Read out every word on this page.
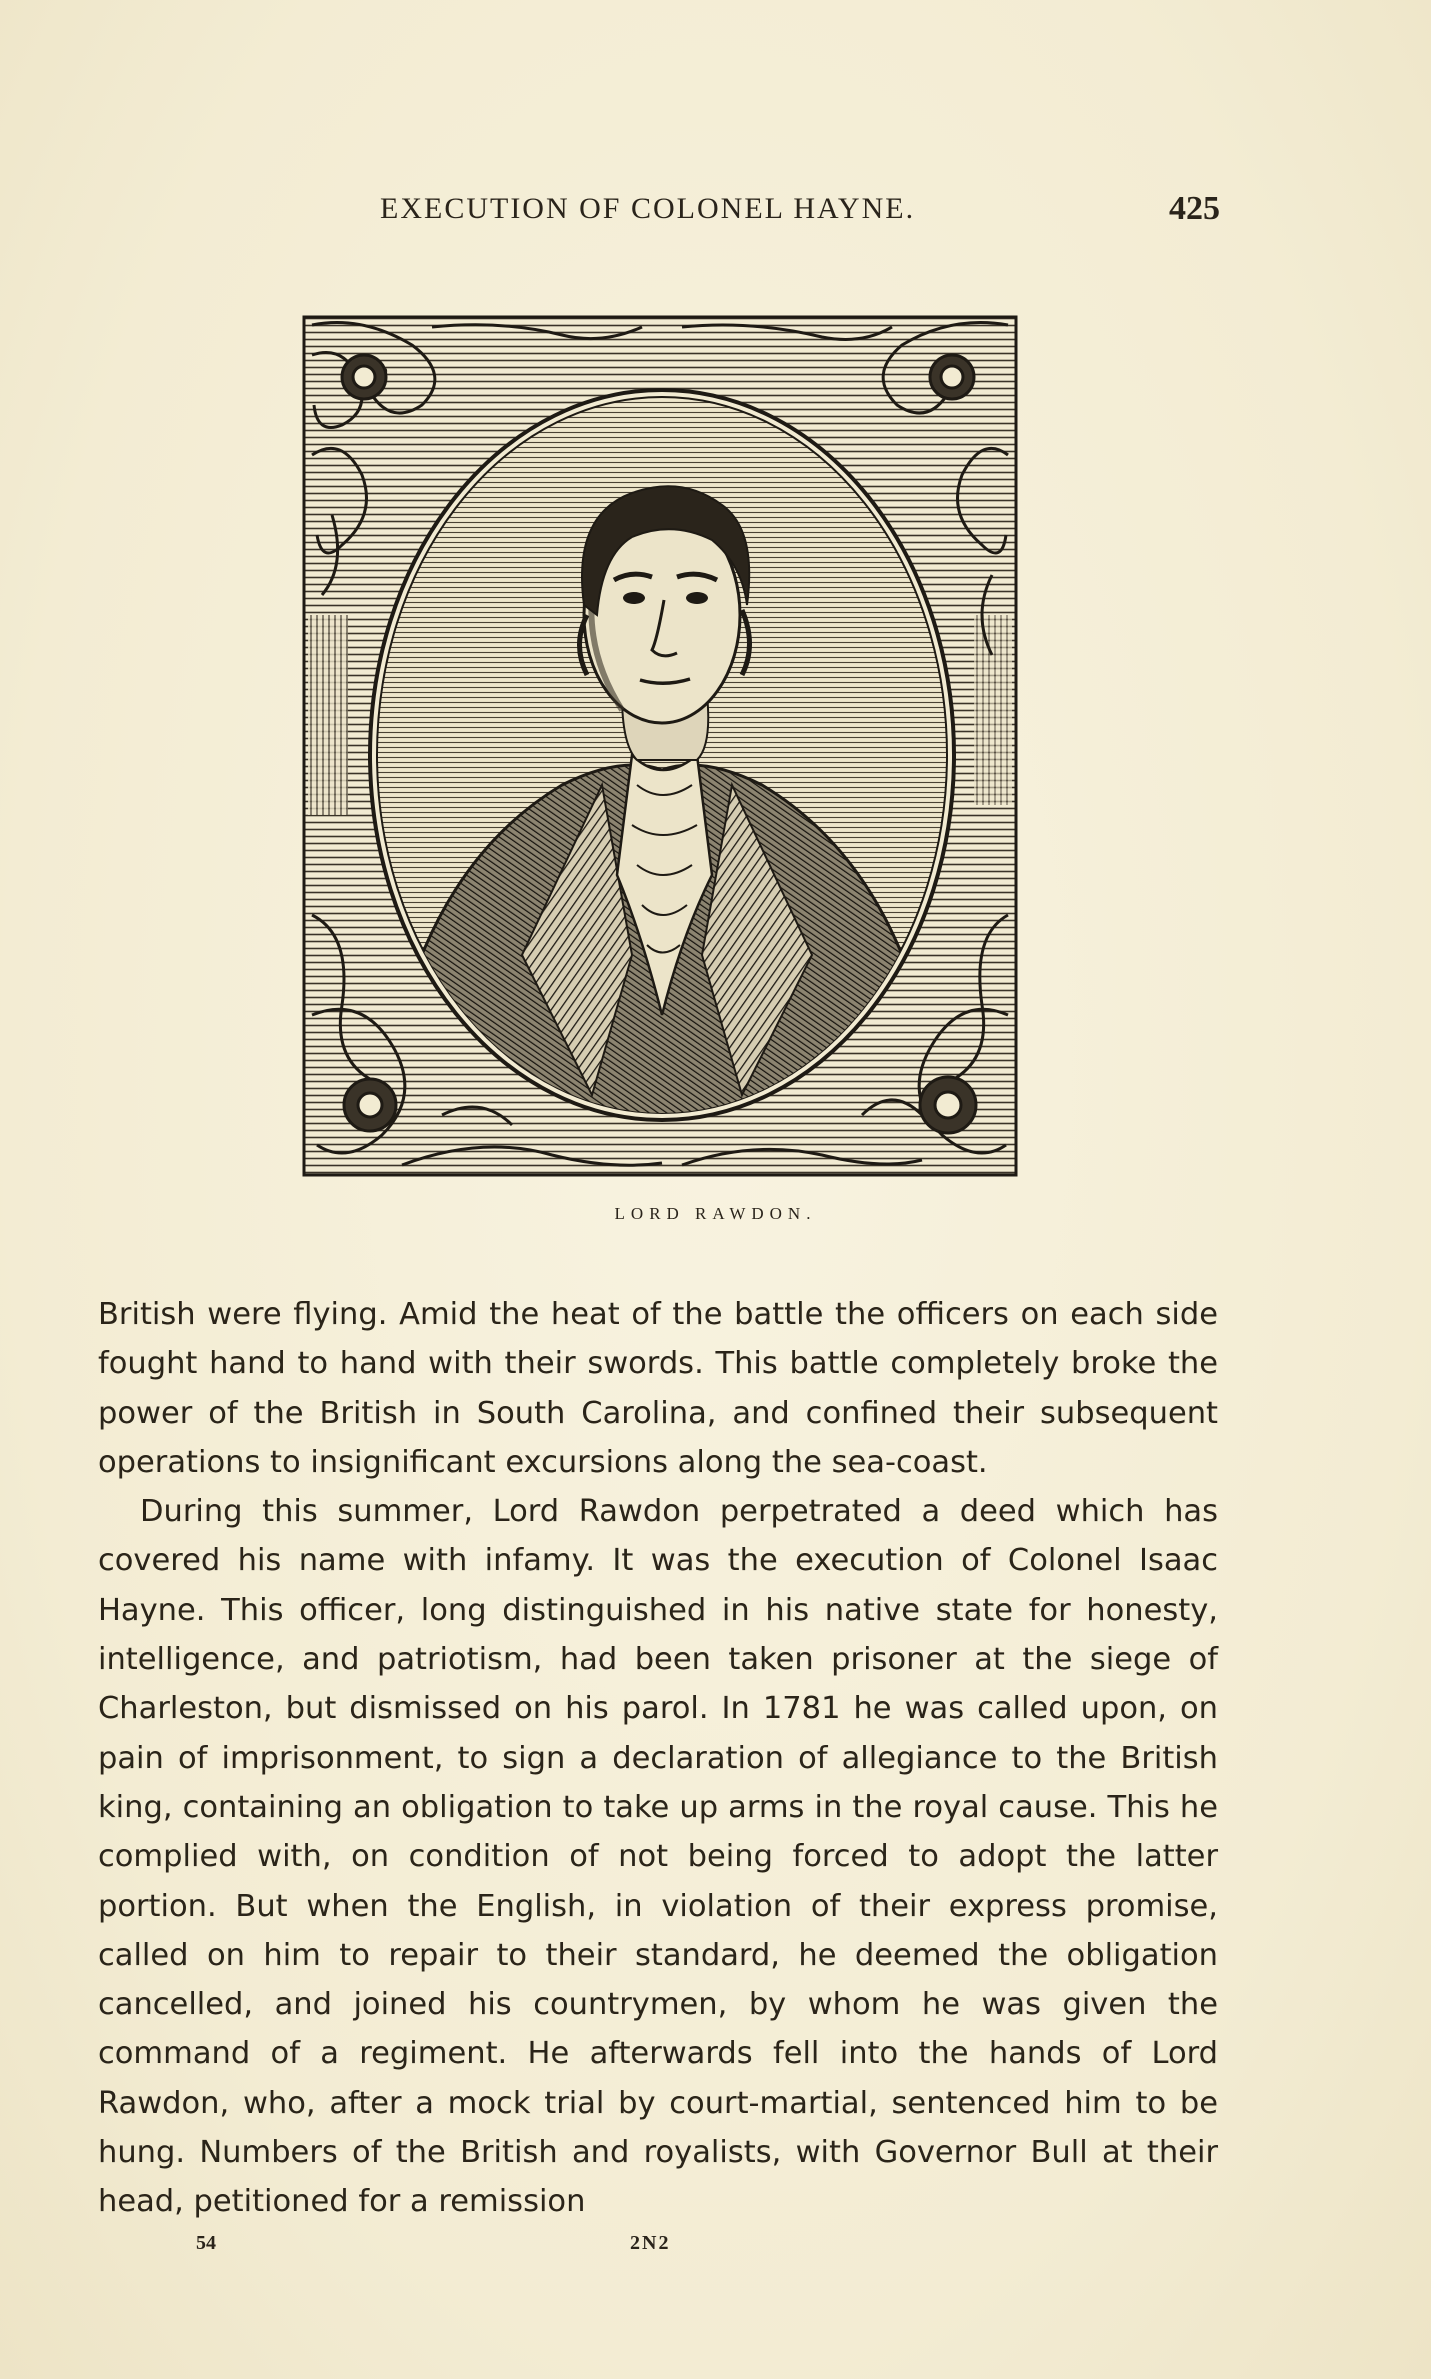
EXECUTION OF COLONEL HAYNE.	425
LORD RAWDON.

British were flying. Amid the heat of the battle the officers on each side fought hand to hand with their swords. This battle completely broke the power of the British in South Carolina, and confined their subsequent operations to insignificant excursions along the sea-coast.

During this summer, Lord Rawdon perpetrated a deed which has covered his name with infamy. It was the execution of Colonel Isaac Hayne. This officer, long distinguished in his native state for honesty, intelligence, and patriotism, had been taken prisoner at the siege of Charleston, but dismissed on his parol. In 1781 he was called upon, on pain of imprisonment, to sign a declaration of allegiance to the British king, containing an obligation to take up arms in the royal cause. This he complied with, on condition of not being forced to adopt the latter portion. But when the English, in violation of their express promise, called on him to repair to their standard, he deemed the obligation cancelled, and joined his countrymen, by whom he was given the command of a regiment. He afterwards fell into the hands of Lord Rawdon, who, after a mock trial by court-martial, sentenced him to be hung. Numbers of the British and royalists, with Governor Bull at their head, petitioned for a remission

54	2N2
